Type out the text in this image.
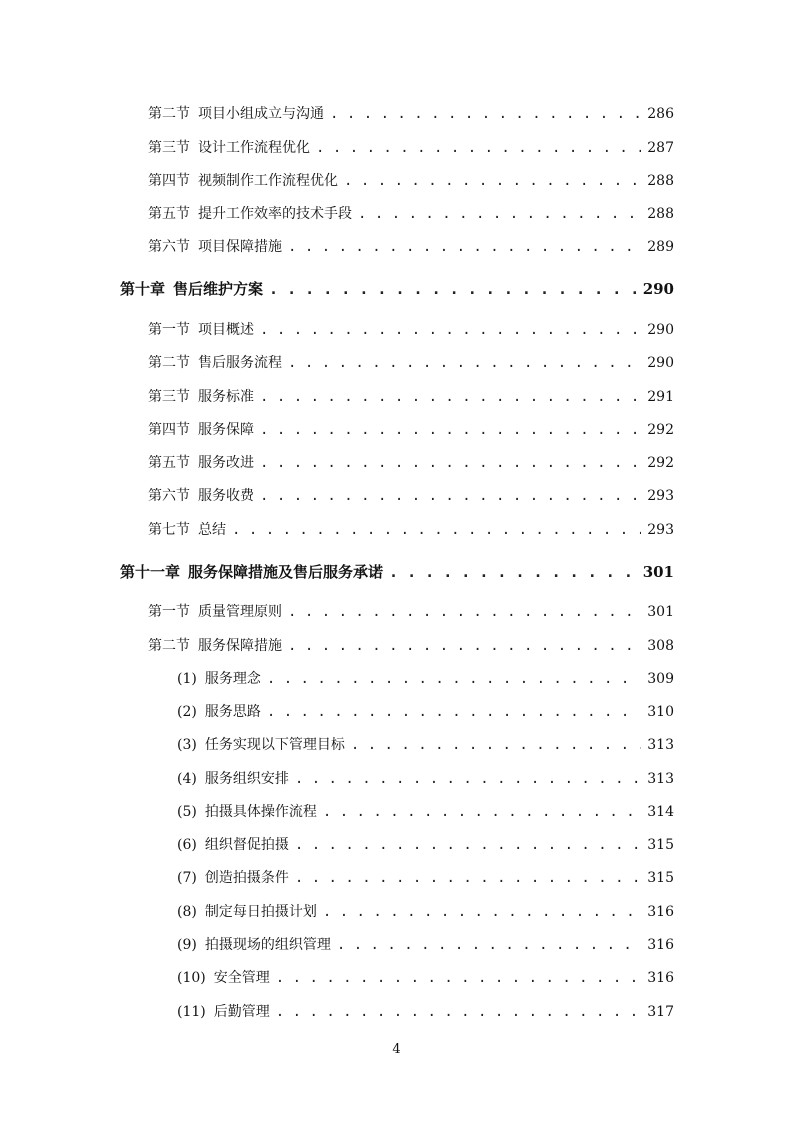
第二节 项目小组成立与沟通 . . .	286
第三节 设计工作流程优化 . . .	287
第四节 视频制作工作流程优化 . . .	288
第五节 提升工作效率的技术手段 . . .	288
第六节 项目保障措施 . . .	289
第十章 售后维护方案 . . .	290
第一节 项目概述 . . .	290
第二节 售后服务流程 . . .	290
第三节 服务标准 . . .	291
第四节 服务保障 . . .	292
第五节 服务改进 . . .	292
第六节 服务收费 . . .	293
第七节 总结 . . .	293
第十一章 服务保障措施及售后服务承诺 . . .	301
第一节 质量管理原则 . . .	301
第二节 服务保障措施 . . .	308
(1) 服务理念 . . .	309
(2) 服务思路 . . .	310
(3) 任务实现以下管理目标 . . .	313
(4) 服务组织安排 . . .	313
(5) 拍摄具体操作流程 . . .	314
(6) 组织督促拍摄 . . .	315
(7) 创造拍摄条件 . . .	315
(8) 制定每日拍摄计划 . . .	316
(9) 拍摄现场的组织管理 . . .	316
(10) 安全管理 . . .	316
(11) 后勤管理 . . .	317
4
